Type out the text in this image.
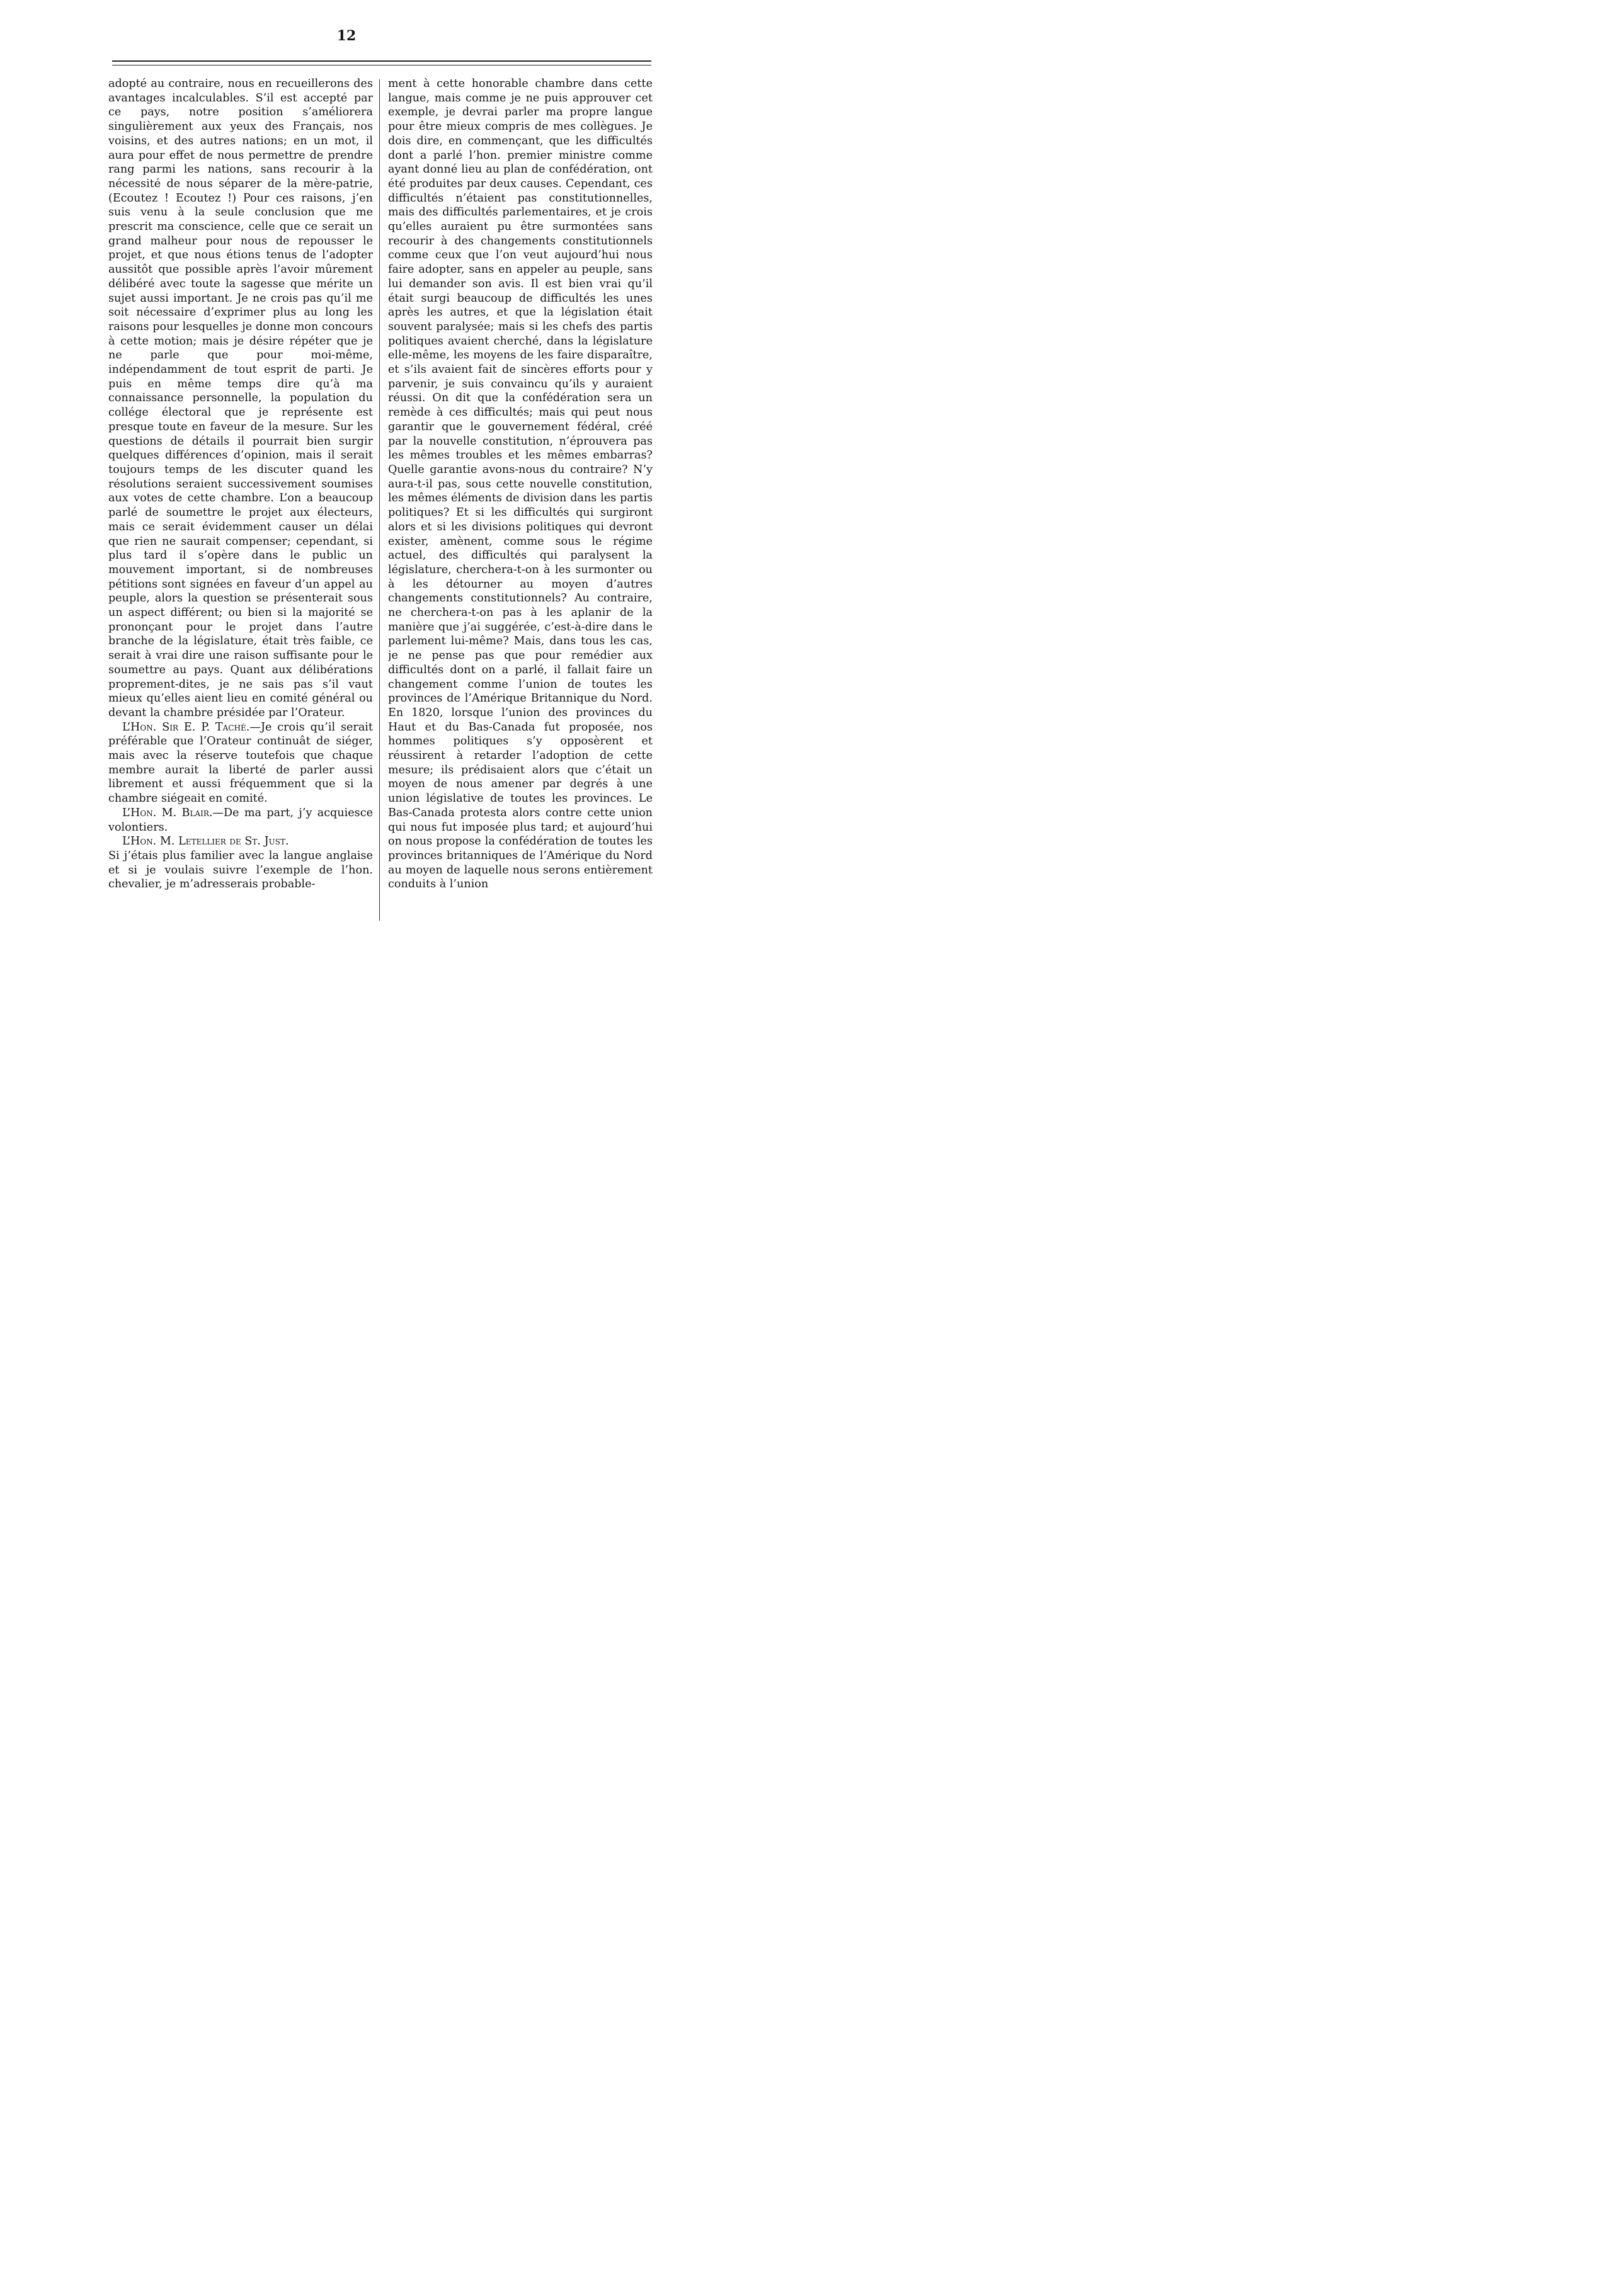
12

adopté au contraire, nous en recueillerons des avantages incalculables. S’il est accepté par ce pays, notre position s’améliorera singulièrement aux yeux des Français, nos voisins, et des autres nations; en un mot, il aura pour effet de nous permettre de prendre rang parmi les nations, sans recourir à la nécessité de nous séparer de la mère-patrie, (Ecoutez ! Ecoutez !) Pour ces raisons, j’en suis venu à la seule conclusion que me prescrit ma conscience, celle que ce serait un grand malheur pour nous de repousser le projet, et que nous étions tenus de l’adopter aussitôt que possible après l’avoir mûrement délibéré avec toute la sagesse que mérite un sujet aussi important. Je ne crois pas qu’il me soit nécessaire d’exprimer plus au long les raisons pour lesquelles je donne mon concours à cette motion; mais je désire répéter que je ne parle que pour moi-même, indépendamment de tout esprit de parti. Je puis en même temps dire qu’à ma connaissance personnelle, la population du collége électoral que je représente est presque toute en faveur de la mesure. Sur les questions de détails il pourrait bien surgir quelques différences d’opinion, mais il serait toujours temps de les discuter quand les résolutions seraient successivement soumises aux votes de cette chambre. L’on a beaucoup parlé de soumettre le projet aux électeurs, mais ce serait évidemment causer un délai que rien ne saurait compenser; cependant, si plus tard il s’opère dans le public un mouvement important, si de nombreuses pétitions sont signées en faveur d’un appel au peuple, alors la question se présenterait sous un aspect différent; ou bien si la majorité se prononçant pour le projet dans l’autre branche de la législature, était très faible, ce serait à vrai dire une raison suffisante pour le soumettre au pays. Quant aux délibérations proprement-dites, je ne sais pas s’il vaut mieux qu’elles aient lieu en comité général ou devant la chambre présidée par l’Orateur.

L’Hon. Sir E. P. Taché.—Je crois qu’il serait préférable que l’Orateur continuât de siéger, mais avec la réserve toutefois que chaque membre aurait la liberté de parler aussi librement et aussi fréquemment que si la chambre siégeait en comité.

L’Hon. M. Blair.—De ma part, j’y acquiesce volontiers.

L’Hon. M. Letellier de St. Just.

Si j’étais plus familier avec la langue anglaise et si je voulais suivre l’exemple de l’hon. chevalier, je m’adresserais probable-

ment à cette honorable chambre dans cette langue, mais comme je ne puis approuver cet exemple, je devrai parler ma propre langue pour être mieux compris de mes collègues. Je dois dire, en commençant, que les difficultés dont a parlé l’hon. premier ministre comme ayant donné lieu au plan de confédération, ont été produites par deux causes. Cependant, ces difficultés n’étaient pas constitutionnelles, mais des difficultés parlementaires, et je crois qu’elles auraient pu être surmontées sans recourir à des changements constitutionnels comme ceux que l’on veut aujourd’hui nous faire adopter, sans en appeler au peuple, sans lui demander son avis. Il est bien vrai qu’il était surgi beaucoup de difficultés les unes après les autres, et que la législation était souvent paralysée; mais si les chefs des partis politiques avaient cherché, dans la législature elle-même, les moyens de les faire disparaître, et s’ils avaient fait de sincères efforts pour y parvenir, je suis convaincu qu’ils y auraient réussi. On dit que la confédération sera un remède à ces difficultés; mais qui peut nous garantir que le gouvernement fédéral, créé par la nouvelle constitution, n’éprouvera pas les mêmes troubles et les mêmes embarras? Quelle garantie avons-nous du contraire? N’y aura-t-il pas, sous cette nouvelle constitution, les mêmes éléments de division dans les partis politiques? Et si les difficultés qui surgiront alors et si les divisions politiques qui devront exister, amènent, comme sous le régime actuel, des difficultés qui paralysent la législature, cherchera-t-on à les surmonter ou à les détourner au moyen d’autres changements constitutionnels? Au contraire, ne cherchera-t-on pas à les aplanir de la manière que j’ai suggérée, c’est-à-dire dans le parlement lui-même? Mais, dans tous les cas, je ne pense pas que pour remédier aux difficultés dont on a parlé, il fallait faire un changement comme l’union de toutes les provinces de l’Amérique Britannique du Nord. En 1820, lorsque l’union des provinces du Haut et du Bas-Canada fut proposée, nos hommes politiques s’y opposèrent et réussirent à retarder l’adoption de cette mesure; ils prédisaient alors que c’était un moyen de nous amener par degrés à une union législative de toutes les provinces. Le Bas-Canada protesta alors contre cette union qui nous fut imposée plus tard; et aujourd’hui on nous propose la confédération de toutes les provinces britanniques de l’Amérique du Nord au moyen de laquelle nous serons entièrement conduits à l’union
